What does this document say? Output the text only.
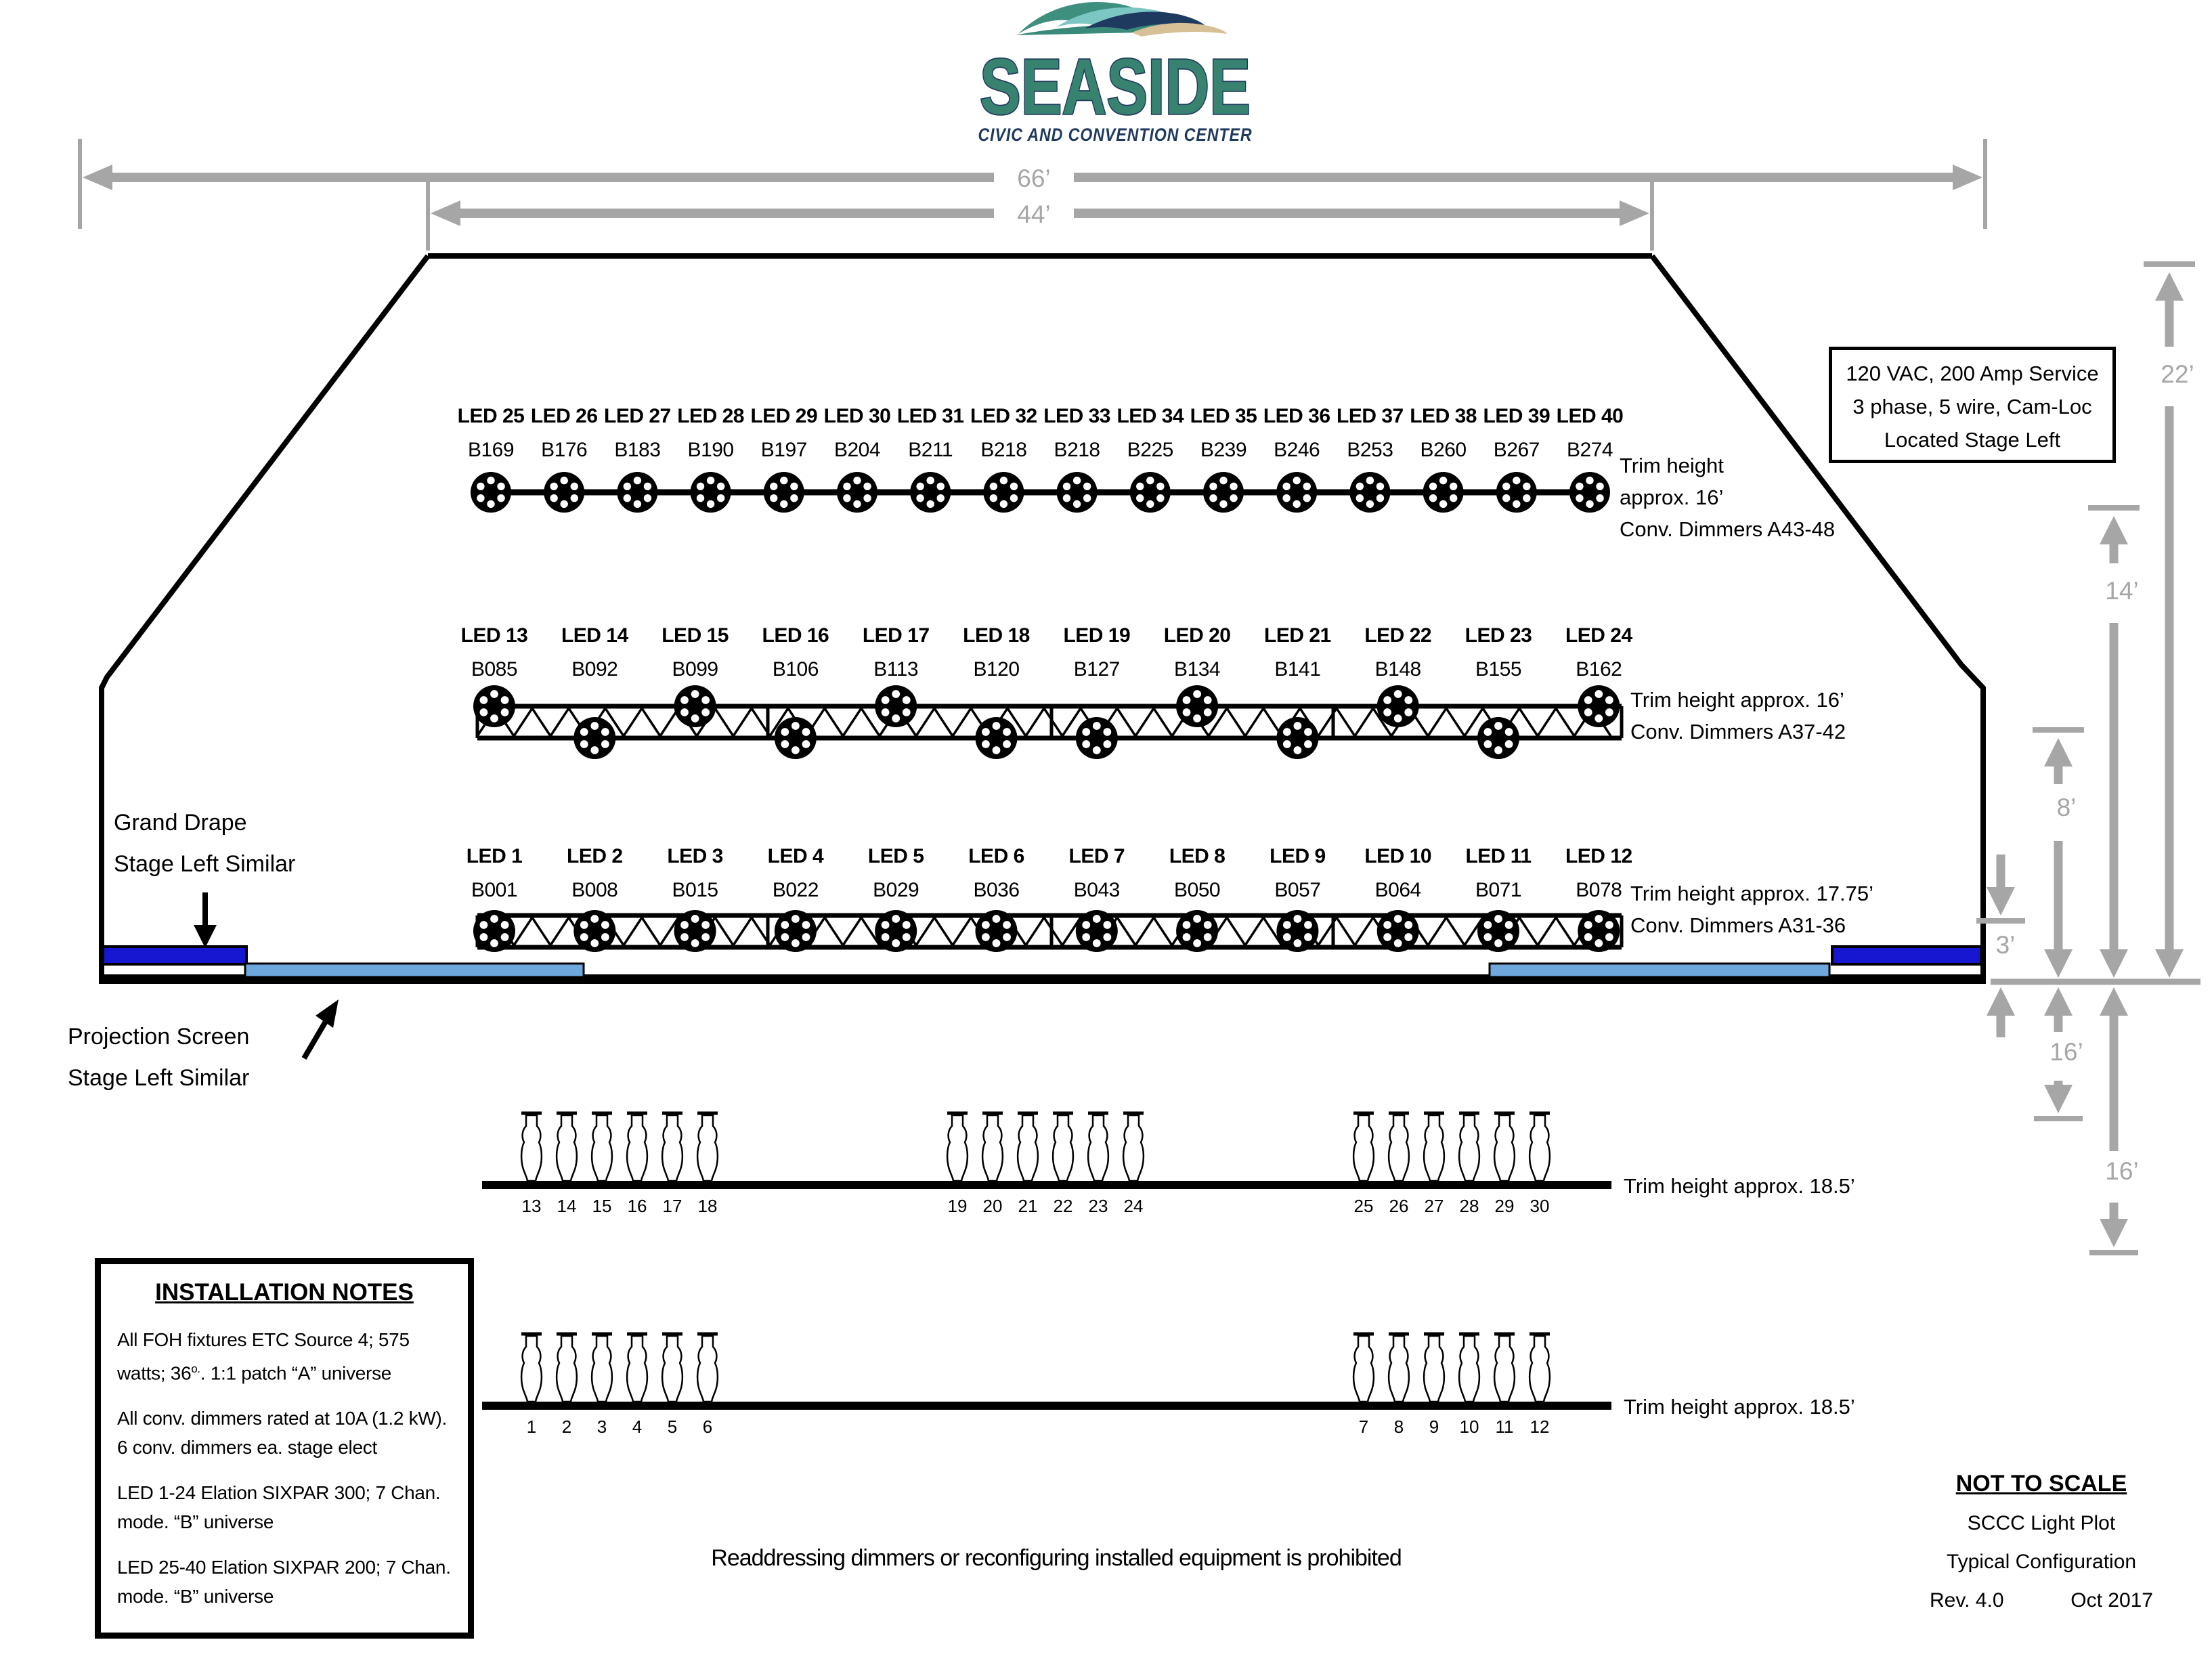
SEASIDE
CIVIC AND CONVENTION CENTER
66’
44’
22’
14’
8’
3’
16’
16’
120 VAC, 200 Amp Service
3 phase, 5 wire, Cam-Loc
Located Stage Left
Trim height
approx. 16’
Conv. Dimmers A43-48
Trim height approx. 16’
Conv. Dimmers A37-42
Trim height approx. 17.75’
Conv. Dimmers A31-36
Trim height approx. 18.5’
Trim height approx. 18.5’
Grand Drape
Stage Left Similar
Projection Screen
Stage Left Similar
INSTALLATION NOTES

All FOH fixtures ETC Source 4; 575 watts; $36^{o.}$. 1:1 patch “A” universe

All conv. dimmers rated at 10A (1.2 kW). 6 conv. dimmers ea. stage elect

LED 1-24 Elation SIXPAR 300; 7 Chan. mode. “B” universe

LED 25-40 Elation SIXPAR 200; 7 Chan. mode. “B” universe

Readdressing dimmers or reconfiguring installed equipment is prohibited
NOT TO SCALE
SCCC Light Plot
Typical Configuration
Rev. 4.0	Oct 2017
LED 25
B169
LED 26
B176
LED 27
B183
LED 28
B190
LED 29
B197
LED 30
B204
LED 31
B211
LED 32
B218
LED 33
B218
LED 34
B225
LED 35
B239
LED 36
B246
LED 37
B253
LED 38
B260
LED 39
B267
LED 40
B274
LED 13
B085
LED 14
B092
LED 15
B099
LED 16
B106
LED 17
B113
LED 18
B120
LED 19
B127
LED 20
B134
LED 21
B141
LED 22
B148
LED 23
B155
LED 24
B162
LED 1
B001
LED 2
B008
LED 3
B015
LED 4
B022
LED 5
B029
LED 6
B036
LED 7
B043
LED 8
B050
LED 9
B057
LED 10
B064
LED 11
B071
LED 12
B078
13 14 15 16 17 18	19 20 21 22 23 24	25 26 27 28 29 30
1 2 3 4 5 6	7 8 9 10 11 12
